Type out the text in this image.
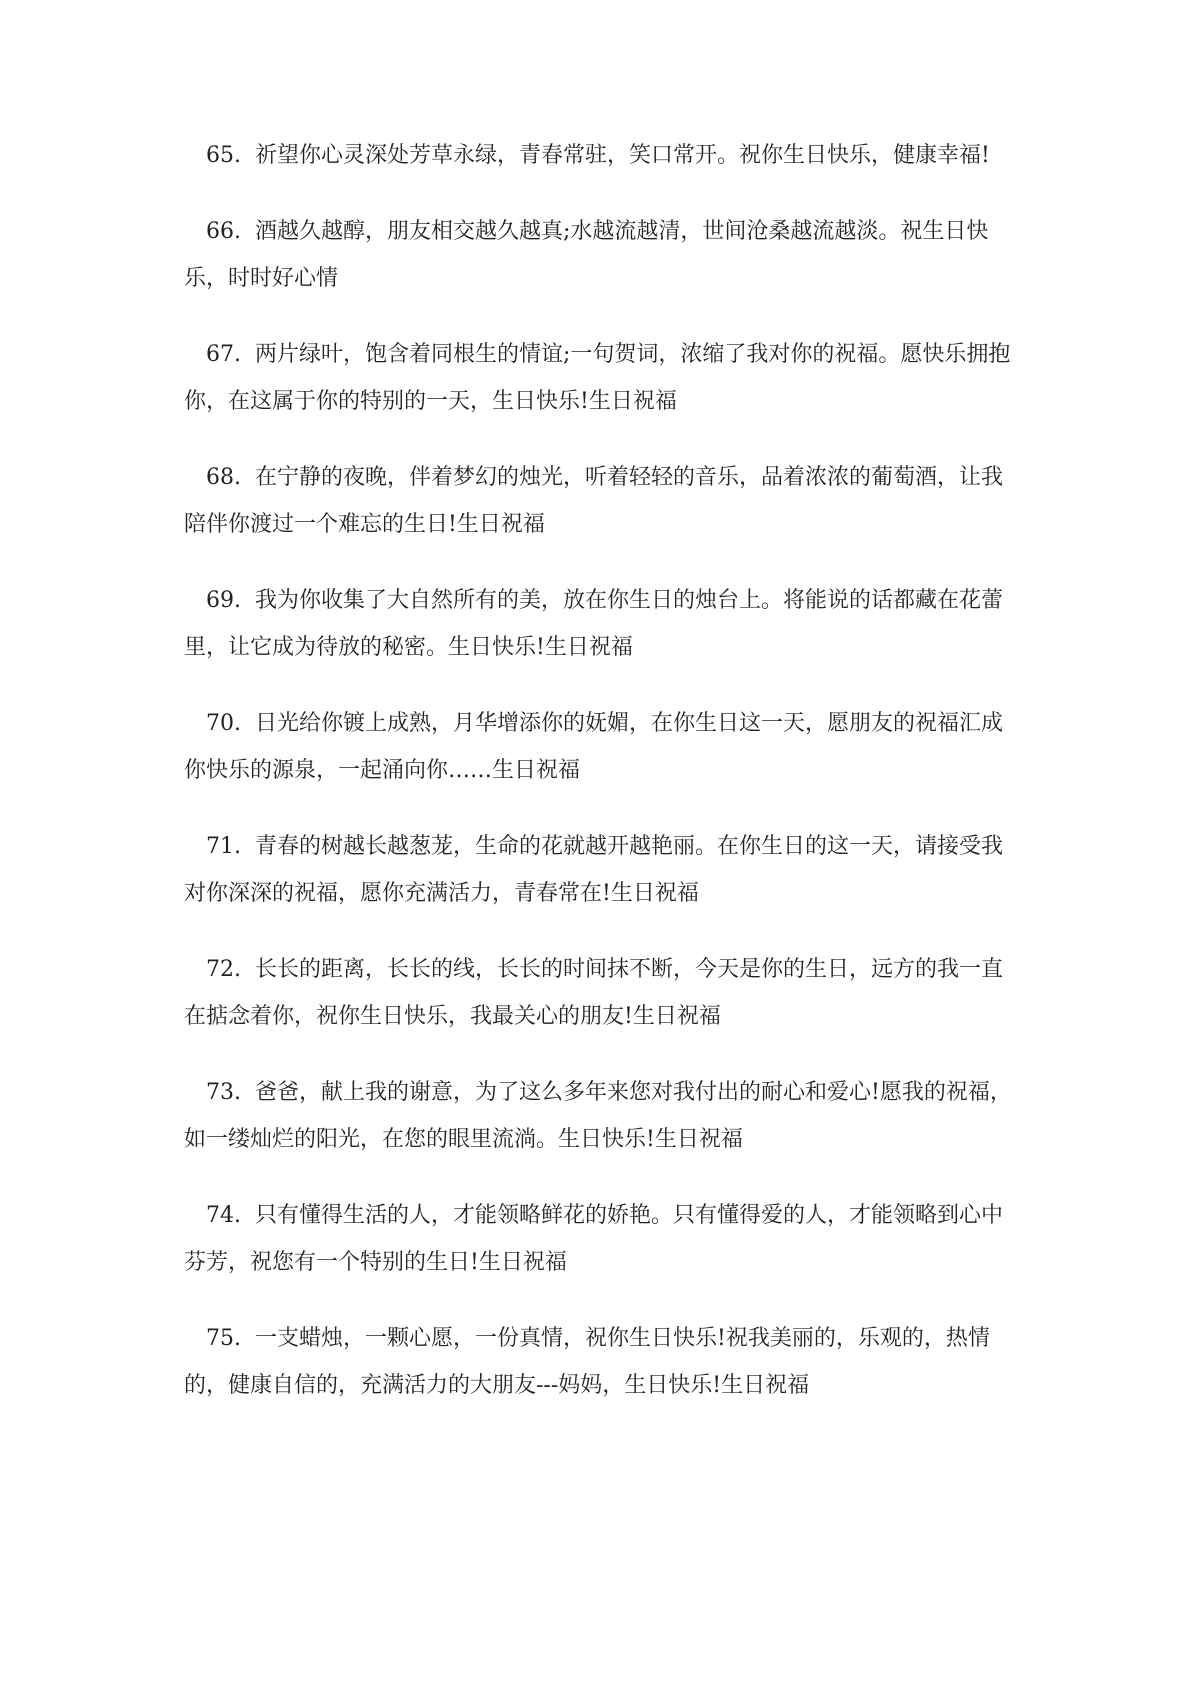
65. 祈望你心灵深处芳草永绿，青春常驻，笑口常开。祝你生日快乐，健康幸福!

66. 酒越久越醇，朋友相交越久越真;水越流越清，世间沧桑越流越淡。祝生日快乐，时时好心情

67. 两片绿叶，饱含着同根生的情谊;一句贺词，浓缩了我对你的祝福。愿快乐拥抱你，在这属于你的特别的一天，生日快乐!生日祝福

68. 在宁静的夜晚，伴着梦幻的烛光，听着轻轻的音乐，品着浓浓的葡萄酒，让我陪伴你渡过一个难忘的生日!生日祝福

69. 我为你收集了大自然所有的美，放在你生日的烛台上。将能说的话都藏在花蕾里，让它成为待放的秘密。生日快乐!生日祝福

70. 日光给你镀上成熟，月华增添你的妩媚，在你生日这一天，愿朋友的祝福汇成你快乐的源泉，一起涌向你……生日祝福

71. 青春的树越长越葱茏，生命的花就越开越艳丽。在你生日的这一天，请接受我对你深深的祝福，愿你充满活力，青春常在!生日祝福

72. 长长的距离，长长的线，长长的时间抹不断，今天是你的生日，远方的我一直在掂念着你，祝你生日快乐，我最关心的朋友!生日祝福

73. 爸爸，献上我的谢意，为了这么多年来您对我付出的耐心和爱心!愿我的祝福，如一缕灿烂的阳光，在您的眼里流淌。生日快乐!生日祝福

74. 只有懂得生活的人，才能领略鲜花的娇艳。只有懂得爱的人，才能领略到心中芬芳，祝您有一个特别的生日!生日祝福

75. 一支蜡烛，一颗心愿，一份真情，祝你生日快乐!祝我美丽的，乐观的，热情的，健康自信的，充满活力的大朋友---妈妈，生日快乐!生日祝福
